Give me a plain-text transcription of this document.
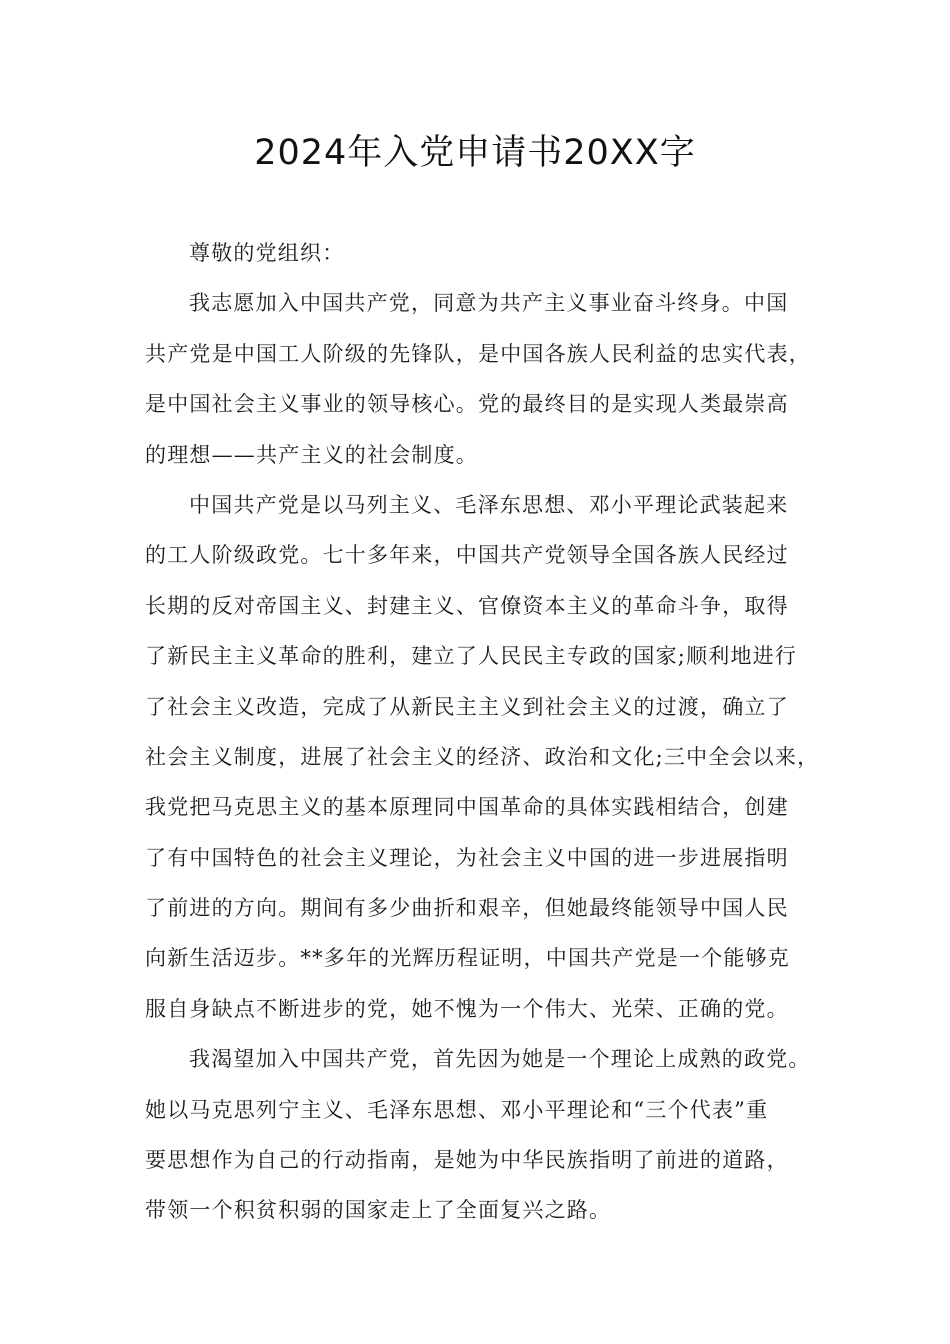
2024年入党申请书20XX字
尊敬的党组织：
我志愿加入中国共产党，同意为共产主义事业奋斗终身。中国
共产党是中国工人阶级的先锋队，是中国各族人民利益的忠实代表，
是中国社会主义事业的领导核心。党的最终目的是实现人类最崇高
的理想——共产主义的社会制度。
中国共产党是以马列主义、毛泽东思想、邓小平理论武装起来
的工人阶级政党。七十多年来，中国共产党领导全国各族人民经过
长期的反对帝国主义、封建主义、官僚资本主义的革命斗争，取得
了新民主主义革命的胜利，建立了人民民主专政的国家;顺利地进行
了社会主义改造，完成了从新民主主义到社会主义的过渡，确立了
社会主义制度，进展了社会主义的经济、政治和文化;三中全会以来，
我党把马克思主义的基本原理同中国革命的具体实践相结合，创建
了有中国特色的社会主义理论，为社会主义中国的进一步进展指明
了前进的方向。期间有多少曲折和艰辛，但她最终能领导中国人民
向新生活迈步。**多年的光辉历程证明，中国共产党是一个能够克
服自身缺点不断进步的党，她不愧为一个伟大、光荣、正确的党。
我渴望加入中国共产党，首先因为她是一个理论上成熟的政党。
她以马克思列宁主义、毛泽东思想、邓小平理论和“三个代表”重
要思想作为自己的行动指南，是她为中华民族指明了前进的道路，
带领一个积贫积弱的国家走上了全面复兴之路。
